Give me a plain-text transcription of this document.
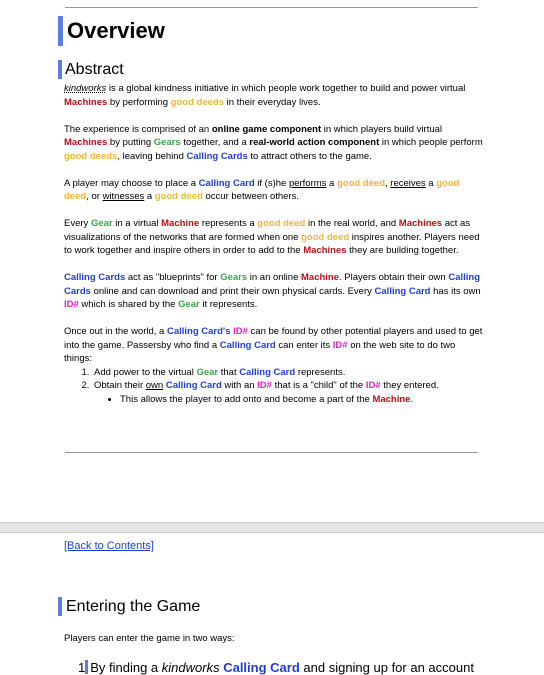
Overview
Abstract

kindworks is a global kindness initiative in which people work together to build and power virtual Machines by performing good deeds in their everyday lives.

The experience is comprised of an online game component in which players build virtual Machines by putting Gears together, and a real-world action component in which people perform good deeds, leaving behind Calling Cards to attract others to the game.

A player may choose to place a Calling Card if (s)he performs a good deed, receives a good deed, or witnesses a good deed occur between others.

Every Gear in a virtual Machine represents a good deed in the real world, and Machines act as visualizations of the networks that are formed when one good deed inspires another. Players need to work together and inspire others in order to add to the Machines they are building together.

Calling Cards act as "blueprints" for Gears in an online Machine. Players obtain their own Calling Cards online and can download and print their own physical cards. Every Calling Card has its own ID# which is shared by the Gear it represents.

Once out in the world, a Calling Card's ID# can be found by other potential players and used to get into the game. Passersby who find a Calling Card can enter its ID# on the web site to do two things:

1. Add power to the virtual Gear that Calling Card represents.
2. Obtain their own Calling Card with an ID# that is a "child" of the ID# they entered.
• This allows the player to add onto and become a part of the Machine.
[Back to Contents]
Entering the Game
Players can enter the game in two ways:
1 By finding a kindworks Calling Card and signing up for an account
